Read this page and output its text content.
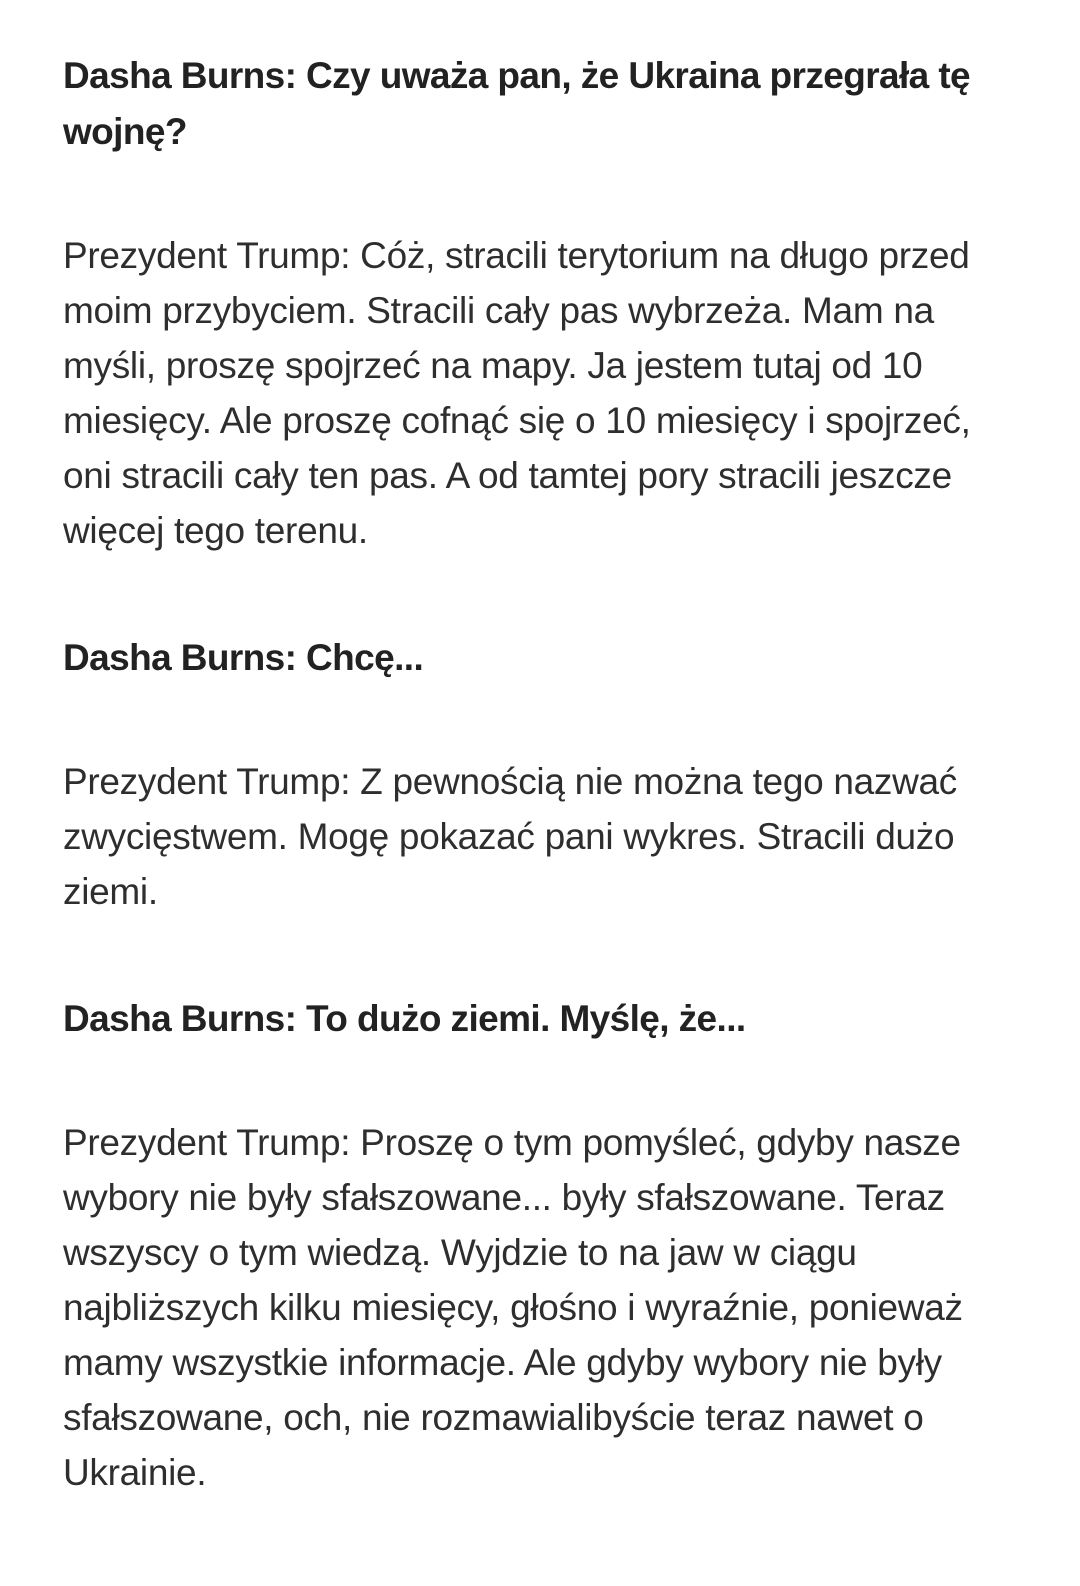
Dasha Burns: Czy uważa pan, że Ukraina przegrała tę wojnę?

Prezydent Trump: Cóż, stracili terytorium na długo przed moim przybyciem. Stracili cały pas wybrzeża. Mam na myśli, proszę spojrzeć na mapy. Ja jestem tutaj od 10 miesięcy. Ale proszę cofnąć się o 10 miesięcy i spojrzeć, oni stracili cały ten pas. A od tamtej pory stracili jeszcze więcej tego terenu.

Dasha Burns: Chcę...

Prezydent Trump: Z pewnością nie można tego nazwać zwycięstwem. Mogę pokazać pani wykres. Stracili dużo ziemi.

Dasha Burns: To dużo ziemi. Myślę, że...

Prezydent Trump: Proszę o tym pomyśleć, gdyby nasze wybory nie były sfałszowane... były sfałszowane. Teraz wszyscy o tym wiedzą. Wyjdzie to na jaw w ciągu najbliższych kilku miesięcy, głośno i wyraźnie, ponieważ mamy wszystkie informacje. Ale gdyby wybory nie były sfałszowane, och, nie rozmawialibyście teraz nawet o Ukrainie.
